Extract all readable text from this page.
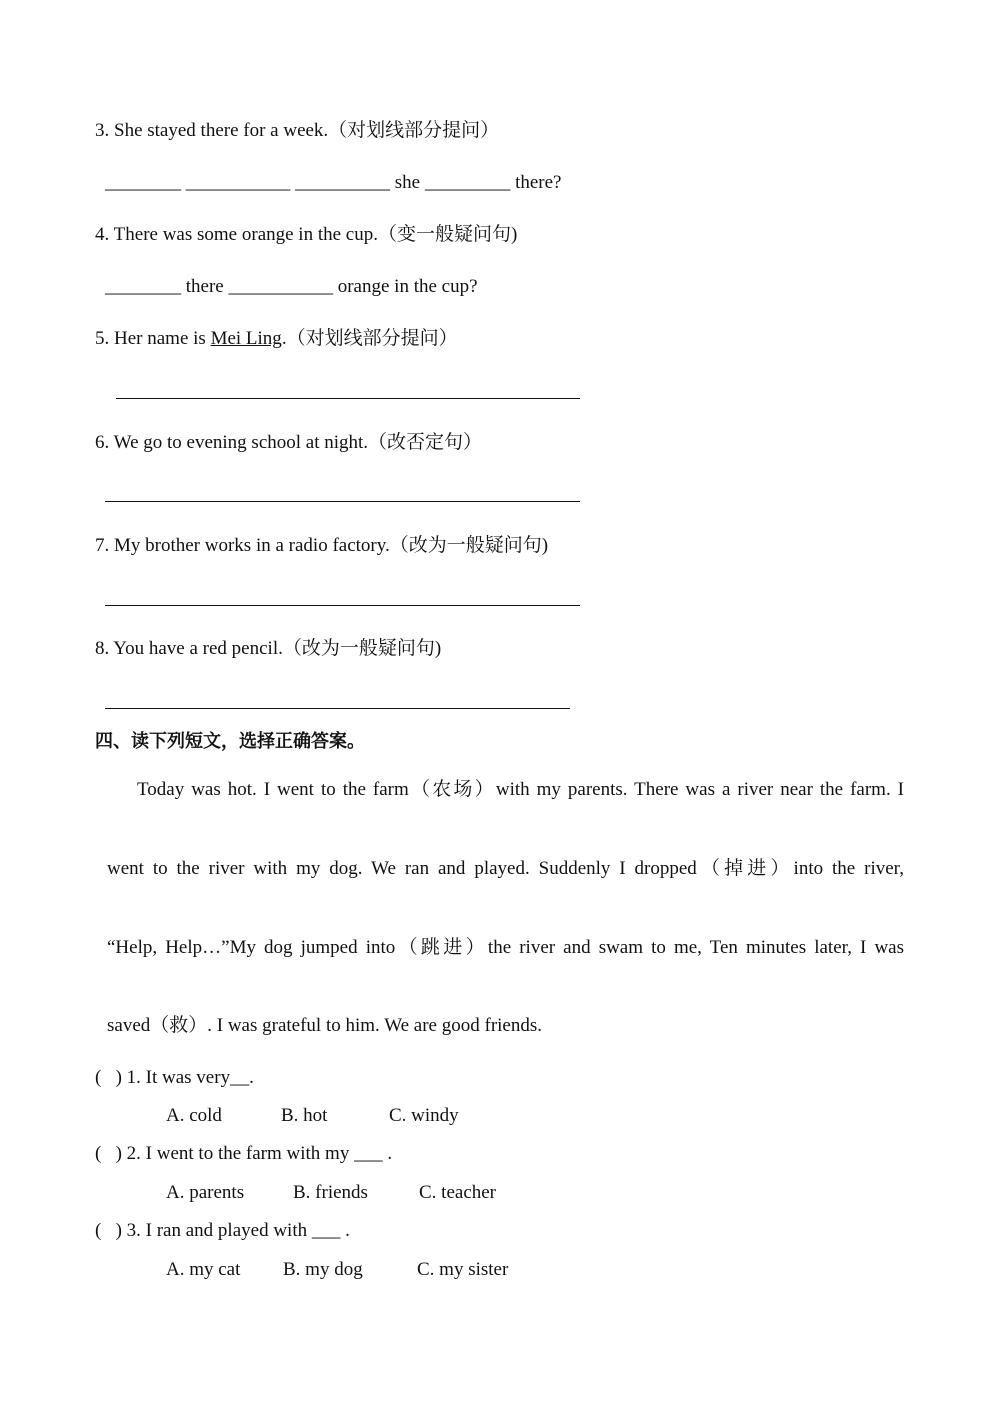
3. She stayed there for a week.（对划线部分提问）
________ ___________ __________ she _________ there?
4. There was some orange in the cup.（变一般疑问句)
________ there ___________ orange in the cup?
5. Her name is Mei Ling.（对划线部分提问）
6. We go to evening school at night.（改否定句）
7. My brother works in a radio factory.（改为一般疑问句)
8. You have a red pencil.（改为一般疑问句)
四、读下列短文，选择正确答案。
Today was hot. I went to the farm（农场）with my parents. There was a river near the farm. I
went to the river with my dog. We ran and played. Suddenly I dropped（掉进）into the river,
“Help, Help…”My dog jumped into（跳进）the river and swam to me, Ten minutes later, I was
saved（救）. I was grateful to him. We are good friends.
(   ) 1. It was very__.
A. cold	B. hot	C. windy
(   ) 2. I went to the farm with my ___ .
A. parents	B. friends	C. teacher
(   ) 3. I ran and played with ___ .
A. my cat B. my dog	C. my sister
